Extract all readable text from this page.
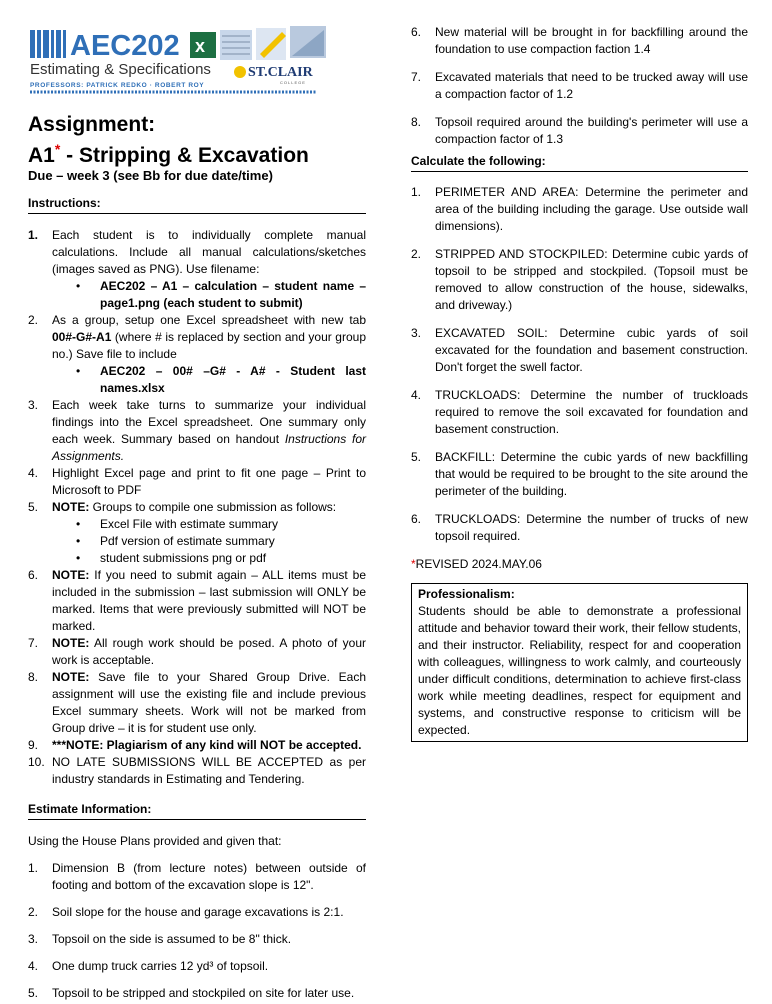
AEC202 x
Estimating & Specifications
PROFESSORS: PATRICK REDKO · ROBERT ROY
ST.CLAIR
COLLEGE
Assignment:
A1* - Stripping & Excavation
Due – week 3 (see Bb for due date/time)
Instructions:
1. Each student is to individually complete manual calculations. Include all manual calculations/sketches (images saved as PNG). Use filename:
• AEC202 – A1 – calculation – student name – page1.png (each student to submit)
2. As a group, setup one Excel spreadsheet with new tab 00#-G#-A1 (where # is replaced by section and your group no.) Save file to include
• AEC202 – 00# –G# - A# - Student last names.xlsx
3. Each week take turns to summarize your individual findings into the Excel spreadsheet. One summary only each week. Summary based on handout Instructions for Assignments.
4. Highlight Excel page and print to fit one page – Print to Microsoft to PDF
5. NOTE: Groups to compile one submission as follows:
• Excel File with estimate summary
• Pdf version of estimate summary
• student submissions png or pdf
6. NOTE: If you need to submit again – ALL items must be included in the submission – last submission will ONLY be marked. Items that were previously submitted will NOT be marked.
7. NOTE: All rough work should be posed. A photo of your work is acceptable.
8. NOTE: Save file to your Shared Group Drive. Each assignment will use the existing file and include previous Excel summary sheets. Work will not be marked from Group drive – it is for student use only.
9. ***NOTE: Plagiarism of any kind will NOT be accepted.
10. NO LATE SUBMISSIONS WILL BE ACCEPTED as per industry standards in Estimating and Tendering.
Estimate Information:
Using the House Plans provided and given that:
1. Dimension B (from lecture notes) between outside of footing and bottom of the excavation slope is 12".
2. Soil slope for the house and garage excavations is 2:1.
3. Topsoil on the side is assumed to be 8" thick.
4. One dump truck carries 12 yd³ of topsoil.
5. Topsoil to be stripped and stockpiled on site for later use.
6. New material will be brought in for backfilling around the foundation to use compaction faction 1.4
7. Excavated materials that need to be trucked away will use a compaction factor of 1.2
8. Topsoil required around the building's perimeter will use a compaction factor of 1.3
Calculate the following:
1. PERIMETER AND AREA: Determine the perimeter and area of the building including the garage. Use outside wall dimensions).
2. STRIPPED AND STOCKPILED: Determine cubic yards of topsoil to be stripped and stockpiled. (Topsoil must be removed to allow construction of the house, sidewalks, and driveway.)
3. EXCAVATED SOIL: Determine cubic yards of soil excavated for the foundation and basement construction. Don't forget the swell factor.
4. TRUCKLOADS: Determine the number of truckloads required to remove the soil excavated for foundation and basement construction.
5. BACKFILL: Determine the cubic yards of new backfilling that would be required to be brought to the site around the perimeter of the building.
6. TRUCKLOADS: Determine the number of trucks of new topsoil required.
*REVISED 2024.MAY.06
Professionalism:
Students should be able to demonstrate a professional attitude and behavior toward their work, their fellow students, and their instructor. Reliability, respect for and cooperation with colleagues, willingness to work calmly, and courteously under difficult conditions, determination to achieve first-class work while meeting deadlines, respect for equipment and systems, and constructive response to criticism will be expected.
